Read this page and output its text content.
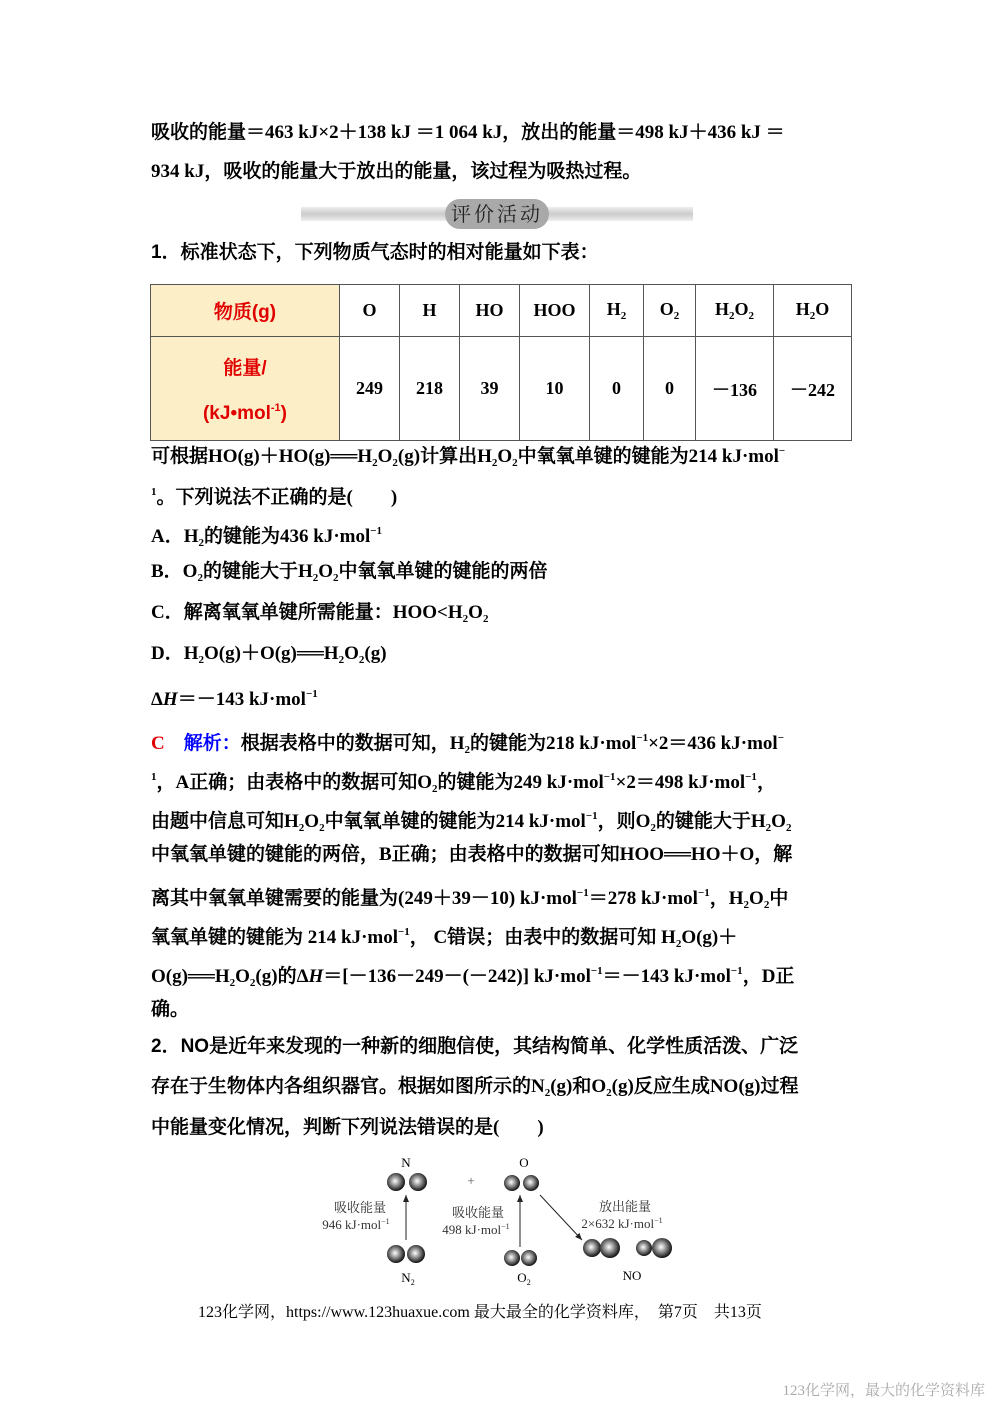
吸收的能量＝463 kJ×2＋138 kJ ＝1 064 kJ，放出的能量＝498 kJ＋436 kJ ＝
934 kJ，吸收的能量大于放出的能量，该过程为吸热过程。
1．标准状态下，下列物质气态时的相对能量如下表：
可根据$HO(g)+HO(g)══H_2O_2(g)$计算出$H_2O_2$中氧氧单键的键能为214 kJ·mol−
$^1$。下列说法不正确的是(　　)
A．$H_2$的键能为436 kJ·mol$^{-1}$
B．$O_2$的键能大于$H_2O_2$中氧氧单键的键能的两倍
C．解离氧氧单键所需能量：$HOO<H_2O_2$
D．$H_2O(g)+O(g)══H_2O_2(g)$
ΔH＝－143 kJ·mol$^{-1}$
C　 解析：根据表格中的数据可知，$H_2$的键能为218 kJ·mol$^{-1}$×2＝436 kJ·mol−
$^1$，A正确；由表格中的数据可知$O_2$的键能为249 kJ·mol$^{-1}$×2＝498 kJ·mol$^{-1}$，
由题中信息可知$H_2O_2$中氧氧单键的键能为214 kJ·mol$^{-1}$，则$O_2$的键能大于$H_2O_2$
中氧氧单键的键能的两倍，B正确；由表格中的数据可知HOO══HO＋O，解
离其中氧氧单键需要的能量为(249＋39－10) kJ·mol$^{-1}$＝278 kJ·mol$^{-1}$，$H_2O_2$中
氧氧单键的键能为 214 kJ·mol$^{-1}$， C错误；由表中的数据可知 $H_2O(g)+$
$O(g)══H_2O_2(g)$的ΔH＝[－136－249－(－242)] kJ·mol$^{-1}$＝－143 kJ·mol$^{-1}$，D正
确。
2．NO是近年来发现的一种新的细胞信使，其结构简单、化学性质活泼、广泛
存在于生物体内各组织器官。根据如图所示的$N_2(g)$和$O_2(g)$反应生成NO(g)过程
中能量变化情况，判断下列说法错误的是(　　)
评价活动
物质(g)	O	H	HO	HOO	$H_2$	$O_2$	$H_2O_2$	$H_2O$

能量/
(kJ•mol$^{-1}$)	249	218	39	10	0	0	－136	－242
N
吸收能量
946 kJ·mol$^{-1}$
$N_2$
+
O
吸收能量
498 kJ·mol$^{-1}$
$O_2$
放出能量
2×632 kJ·mol$^{-1}$
NO
123化学网，https://www.123huaxue.com 最大最全的化学资料库，　第7页　共13页
123化学网，最大的化学资料库
